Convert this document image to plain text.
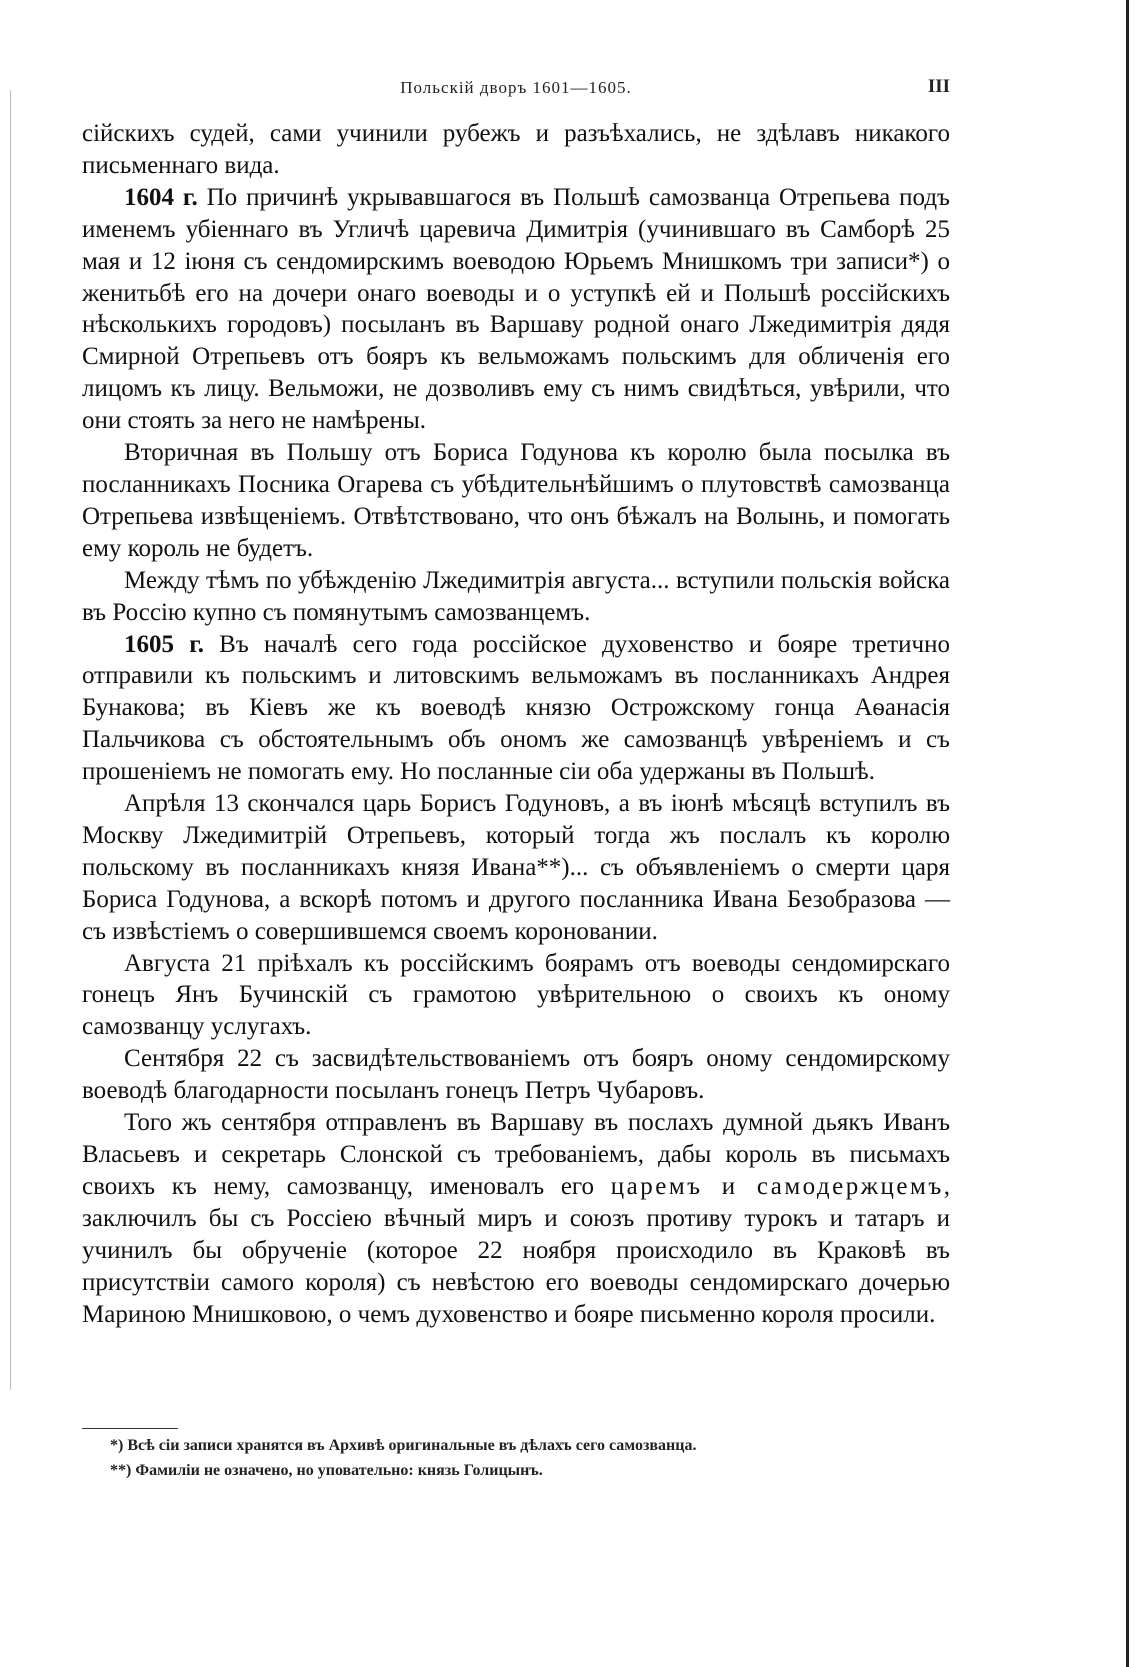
Польскій дворъ 1601—1605.	III

сійскихъ судей, сами учинили рубежъ и разъѣхались, не здѣлавъ никакого письменнаго вида.

1604 г. По причинѣ укрывавшагося въ Польшѣ самозванца Отрепьева подъ именемъ убіеннаго въ Угличѣ царевича Димитрія (учинившаго въ Самборѣ 25 мая и 12 іюня съ сендомирскимъ воеводою Юрьемъ Мнишкомъ три записи*) о женитьбѣ его на дочери онаго воеводы и о уступкѣ ей и Польшѣ россійскихъ нѣсколькихъ городовъ) посыланъ въ Варшаву родной онаго Лжедимитрія дядя Смирной Отрепьевъ отъ бояръ къ вельможамъ польскимъ для обличенія его лицомъ къ лицу. Вельможи, не дозволивъ ему съ нимъ свидѣться, увѣрили, что они стоять за него не намѣрены.

Вторичная въ Польшу отъ Бориса Годунова къ королю была посылка въ посланникахъ Посника Огарева съ убѣдительнѣйшимъ о плутовствѣ самозванца Отрепьева извѣщеніемъ. Отвѣтствовано, что онъ бѣжалъ на Волынь, и помогать ему король не будетъ.

Между тѣмъ по убѣжденію Лжедимитрія августа... вступили польскія войска въ Россію купно съ помянутымъ самозванцемъ.

1605 г. Въ началѣ сего года россійское духовенство и бояре третично отправили къ польскимъ и литовскимъ вельможамъ въ посланникахъ Андрея Бунакова; въ Кіевъ же къ воеводѣ князю Острожскому гонца Аѳанасія Пальчикова съ обстоятельнымъ объ ономъ же самозванцѣ увѣреніемъ и съ прошеніемъ не помогать ему. Но посланные сіи оба удержаны въ Польшѣ.

Апрѣля 13 скончался царь Борисъ Годуновъ, а въ іюнѣ мѣсяцѣ вступилъ въ Москву Лжедимитрій Отрепьевъ, который тогда жъ послалъ къ королю польскому въ посланникахъ князя Ивана**)... съ объявленіемъ о смерти царя Бориса Годунова, а вскорѣ потомъ и другого посланника Ивана Безобразова — съ извѣстіемъ о совершившемся своемъ короновании.

Августа 21 пріѣхалъ къ россійскимъ боярамъ отъ воеводы сендомирскаго гонецъ Янъ Бучинскій съ грамотою увѣрительною о своихъ къ оному самозванцу услугахъ.

Сентября 22 съ засвидѣтельствованіемъ отъ бояръ оному сендомирскому воеводѣ благодарности посыланъ гонецъ Петръ Чубаровъ.

Того жъ сентября отправленъ въ Варшаву въ послахъ думной дьякъ Иванъ Власьевъ и секретарь Слонской съ требованіемъ, дабы король въ письмахъ своихъ къ нему, самозванцу, именовалъ его царемъ и самодержцемъ, заключилъ бы съ Россіею вѣчный миръ и союзъ противу турокъ и татаръ и учинилъ бы обрученіе (которое 22 ноября происходило въ Краковѣ въ присутствіи самого короля) съ невѣстою его воеводы сендомирскаго дочерью Мариною Мнишковою, о чемъ духовенство и бояре письменно короля просили.

*) Всѣ сіи записи хранятся въ Архивѣ оригинальные въ дѣлахъ сего самозванца.
**) Фамиліи не означено, но уповательно: князь Голицынъ.
